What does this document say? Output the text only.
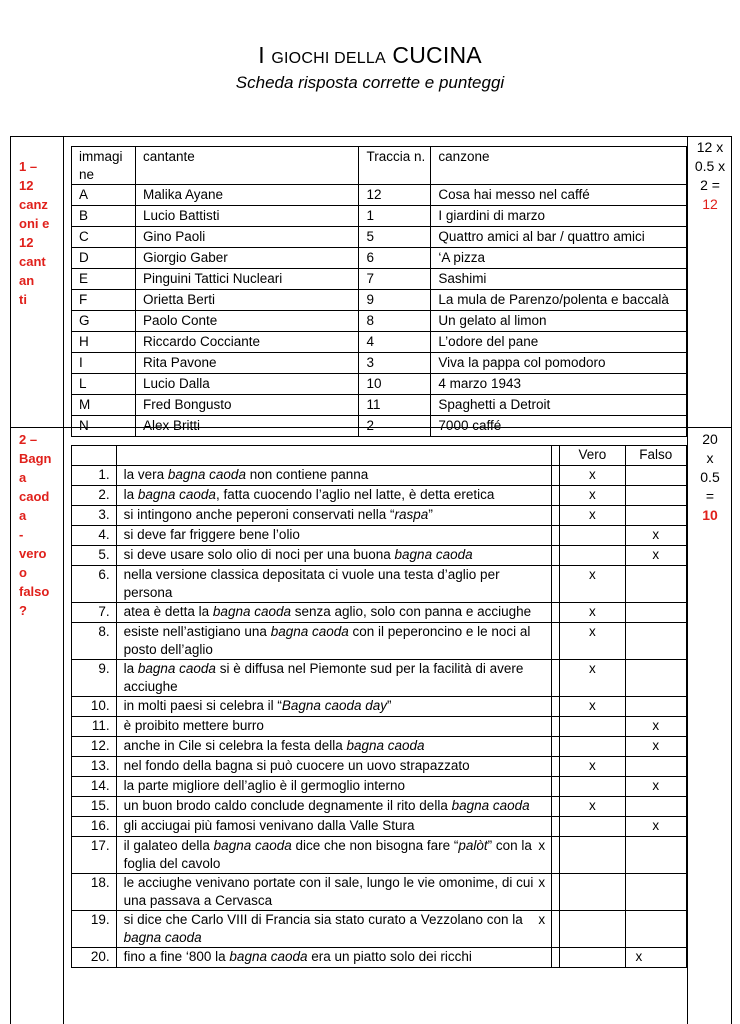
I GIOCHI DELLA CUCINA
Scheda risposta corrette e punteggi
1 –
12
canz
oni e
12
cant
an
ti
12 x
0.5 x
2 =
12
2 –
Bagn
a
caod
a
-
vero
o
falso
?
20
x
0.5
=
10
immagi ne	cantante	Traccia n.	canzone
A	Malika Ayane	12	Cosa hai messo nel caffé
B	Lucio Battisti	1	I giardini di marzo
C	Gino Paoli	5	Quattro amici al bar / quattro amici
D	Giorgio Gaber	6	‘A pizza
E	Pinguini Tattici Nucleari	7	Sashimi
F	Orietta Berti	9	La mula de Parenzo/polenta e baccalà
G	Paolo Conte	8	Un gelato al limon
H	Riccardo Cocciante	4	L’odore del pane
I	Rita Pavone	3	Viva la pappa col pomodoro
L	Lucio Dalla	10	4 marzo 1943
M	Fred Bongusto	11	Spaghetti a Detroit
N	Alex Britti	2	7000 caffé
			Vero	Falso
1.	la vera bagna caoda non contiene panna		x	
2.	la bagna caoda, fatta cuocendo l’aglio nel latte, è detta eretica		x	
3.	si intingono anche peperoni conservati nella “raspa”		x	
4.	si deve far friggere bene l’olio			x
5.	si deve usare solo olio di noci per una buona bagna caoda			x
6.	nella versione classica depositata ci vuole una testa d’aglio per persona		x	
7.	atea è detta la bagna caoda senza aglio, solo con panna e acciughe		x	
8.	esiste nell’astigiano una bagna caoda con il peperoncino e le noci al posto dell’aglio		x	
9.	la bagna caoda si è diffusa nel Piemonte sud per la facilità di avere acciughe		x	
10.	in molti paesi si celebra il “Bagna caoda day”		x	
11.	è proibito mettere burro			x
12.	anche in Cile si celebra la festa della bagna caoda			x
13.	nel fondo della bagna si può cuocere un uovo strapazzato		x	
14.	la parte migliore dell’aglio è il germoglio interno			x
15.	un buon brodo caldo conclude degnamente il rito della bagna caoda		x	
16.	gli acciugai più famosi venivano dalla Valle Stura			x
17.	il galateo della bagna caoda dice che non bisogna fare “palòt” con la foglia del cavolo		x	
18.	le acciughe venivano portate con il sale, lungo le vie omonime, di cui una passava a Cervasca		x	
19.	si dice che Carlo VIII di Francia sia stato curato a Vezzolano con la bagna caoda		x	
20.	fino a fine ‘800 la bagna caoda era un piatto solo dei ricchi			x
